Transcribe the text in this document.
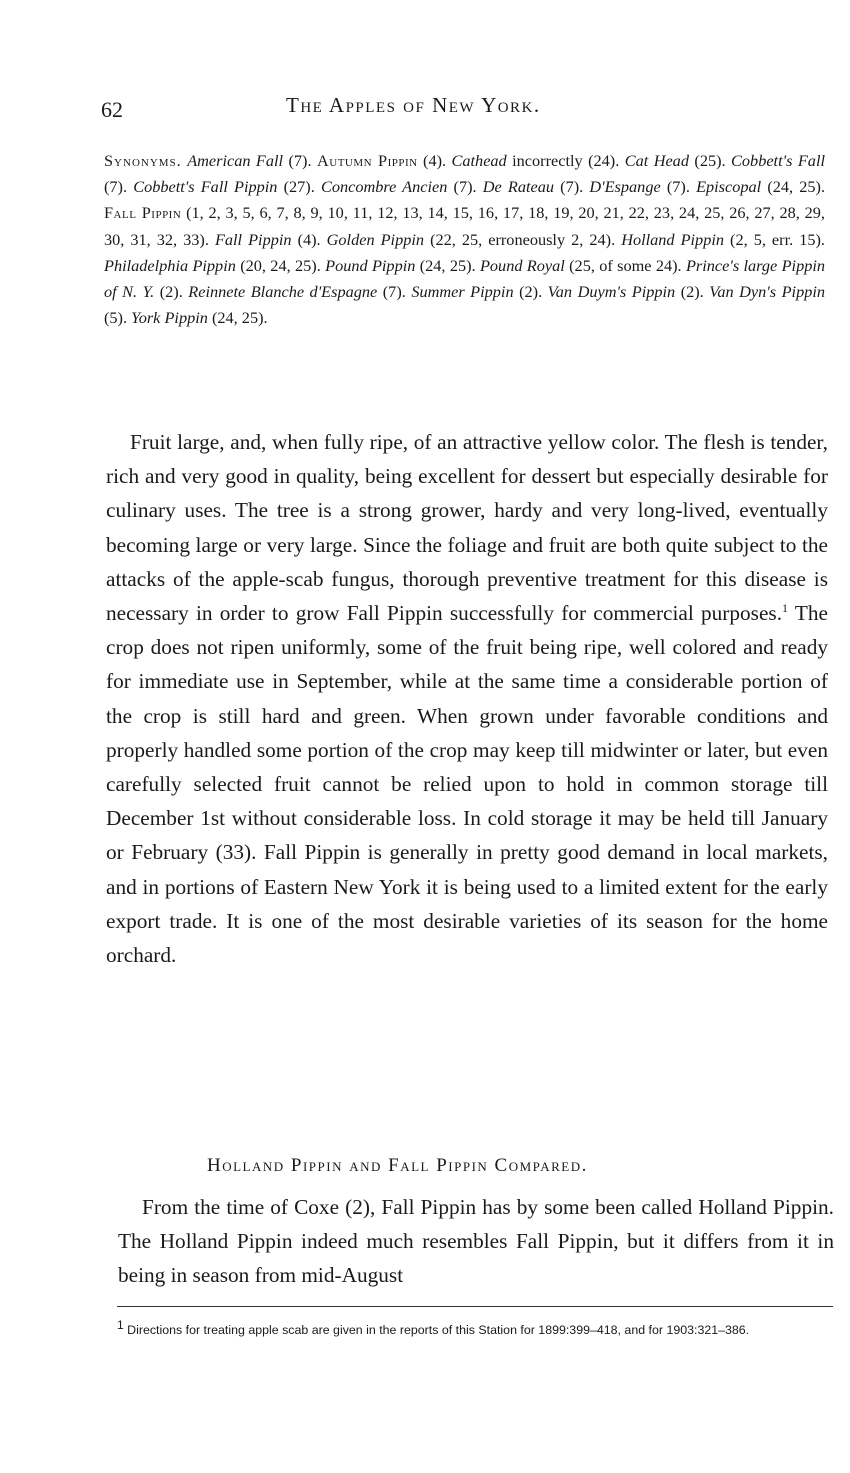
62	The Apples of New York.
Synonyms. American Fall (7). Autumn Pippin (4). Cathead incorrectly (24). Cat Head (25). Cobbett's Fall (7). Cobbett's Fall Pippin (27). Concombre Ancien (7). De Rateau (7). D'Espange (7). Episcopal (24, 25). Fall Pippin (1, 2, 3, 5, 6, 7, 8, 9, 10, 11, 12, 13, 14, 15, 16, 17, 18, 19, 20, 21, 22, 23, 24, 25, 26, 27, 28, 29, 30, 31, 32, 33). Fall Pippin (4). Golden Pippin (22, 25, erroneously 2, 24). Holland Pippin (2, 5, err. 15). Philadelphia Pippin (20, 24, 25). Pound Pippin (24, 25). Pound Royal (25, of some 24). Prince's large Pippin of N. Y. (2). Reinnete Blanche d'Espagne (7). Summer Pippin (2). Van Duym's Pippin (2). Van Dyn's Pippin (5). York Pippin (24, 25).

Fruit large, and, when fully ripe, of an attractive yellow color. The flesh is tender, rich and very good in quality, being excellent for dessert but especially desirable for culinary uses. The tree is a strong grower, hardy and very long-lived, eventually becoming large or very large. Since the foliage and fruit are both quite subject to the attacks of the apple-scab fungus, thorough preventive treatment for this disease is necessary in order to grow Fall Pippin successfully for commercial purposes.$^1$ The crop does not ripen uniformly, some of the fruit being ripe, well colored and ready for immediate use in September, while at the same time a considerable portion of the crop is still hard and green. When grown under favorable conditions and properly handled some portion of the crop may keep till midwinter or later, but even carefully selected fruit cannot be relied upon to hold in common storage till December 1st without considerable loss. In cold storage it may be held till January or February (33). Fall Pippin is generally in pretty good demand in local markets, and in portions of Eastern New York it is being used to a limited extent for the early export trade. It is one of the most desirable varieties of its season for the home orchard.

Holland Pippin and Fall Pippin Compared.

From the time of Coxe (2), Fall Pippin has by some been called Holland Pippin. The Holland Pippin indeed much resembles Fall Pippin, but it differs from it in being in season from mid-August

$^1$ Directions for treating apple scab are given in the reports of this Station for 1899:399–418, and for 1903:321–386.
